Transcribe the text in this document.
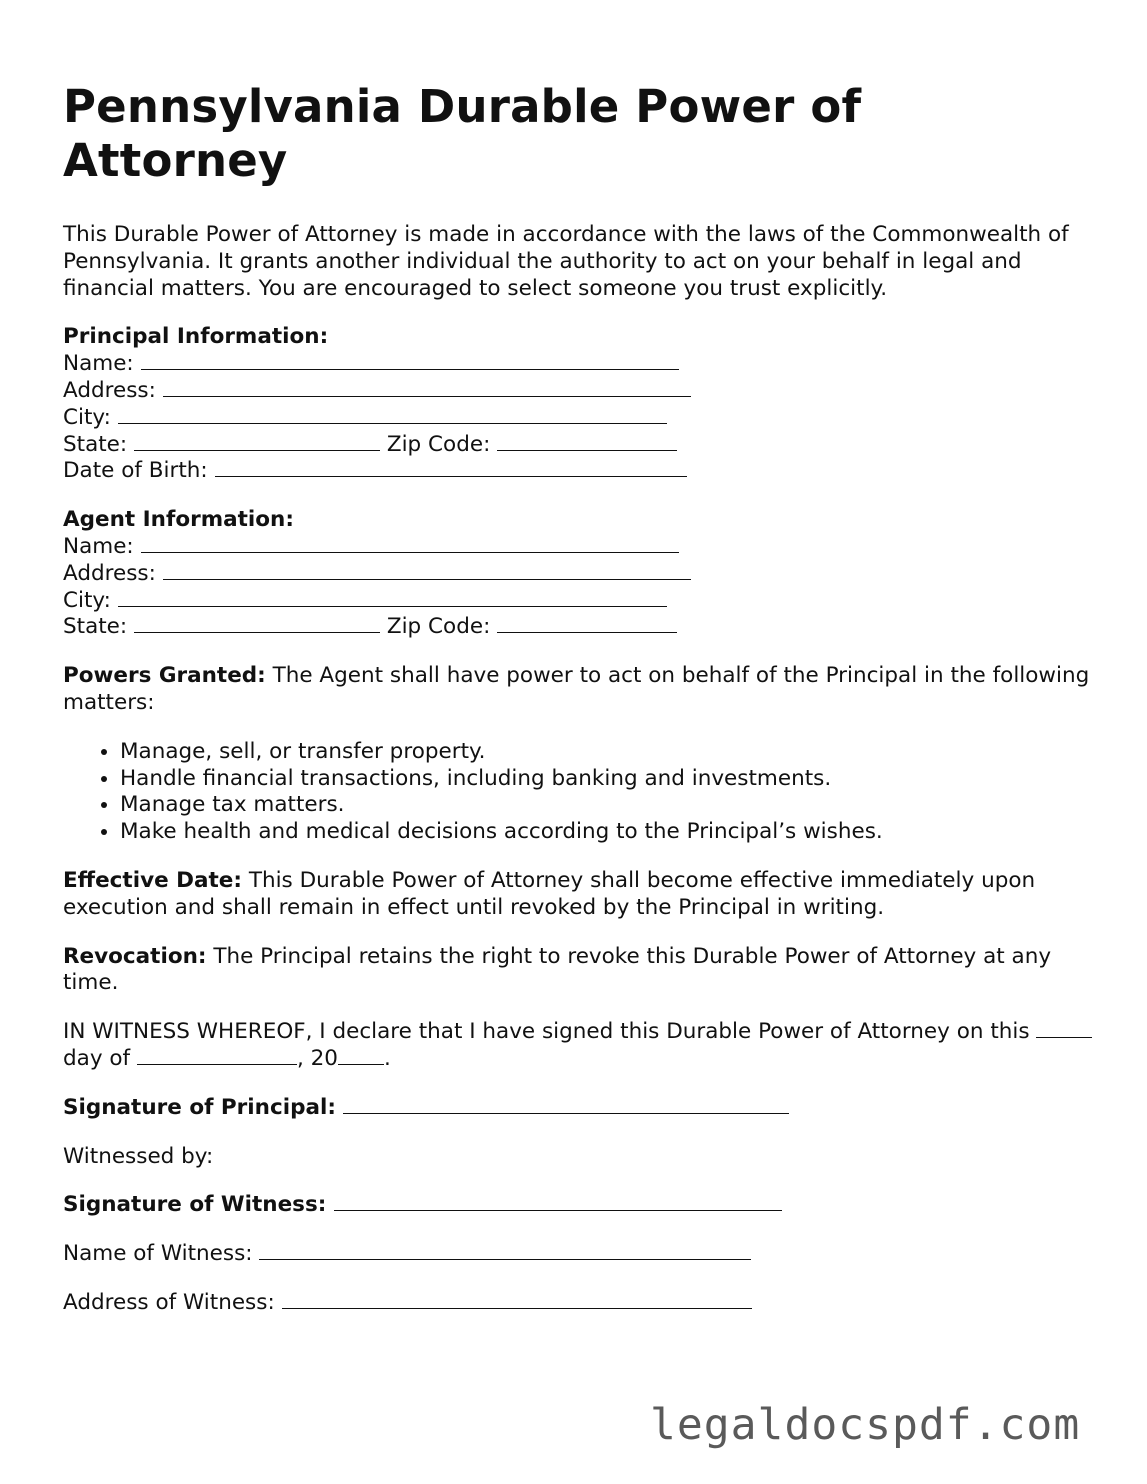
Pennsylvania Durable Power of Attorney

This Durable Power of Attorney is made in accordance with the laws of the Commonwealth of Pennsylvania. It grants another individual the authority to act on your behalf in legal and financial matters. You are encouraged to select someone you trust explicitly.

Principal Information:
Name:
Address:
City:
State:	Zip Code:
Date of Birth:
Agent Information:
Name:
Address:
City:
State:	Zip Code:

Powers Granted: The Agent shall have power to act on behalf of the Principal in the following matters:

• Manage, sell, or transfer property.
• Handle financial transactions, including banking and investments.
• Manage tax matters.
• Make health and medical decisions according to the Principal’s wishes.

Effective Date: This Durable Power of Attorney shall become effective immediately upon execution and shall remain in effect until revoked by the Principal in writing.

Revocation: The Principal retains the right to revoke this Durable Power of Attorney at any time.

IN WITNESS WHEREOF, I declare that I have signed this Durable Power of Attorney on this  day of	, 20 .

Signature of Principal:
Witnessed by:
Signature of Witness:
Name of Witness:
Address of Witness:
legaldocspdf.com
